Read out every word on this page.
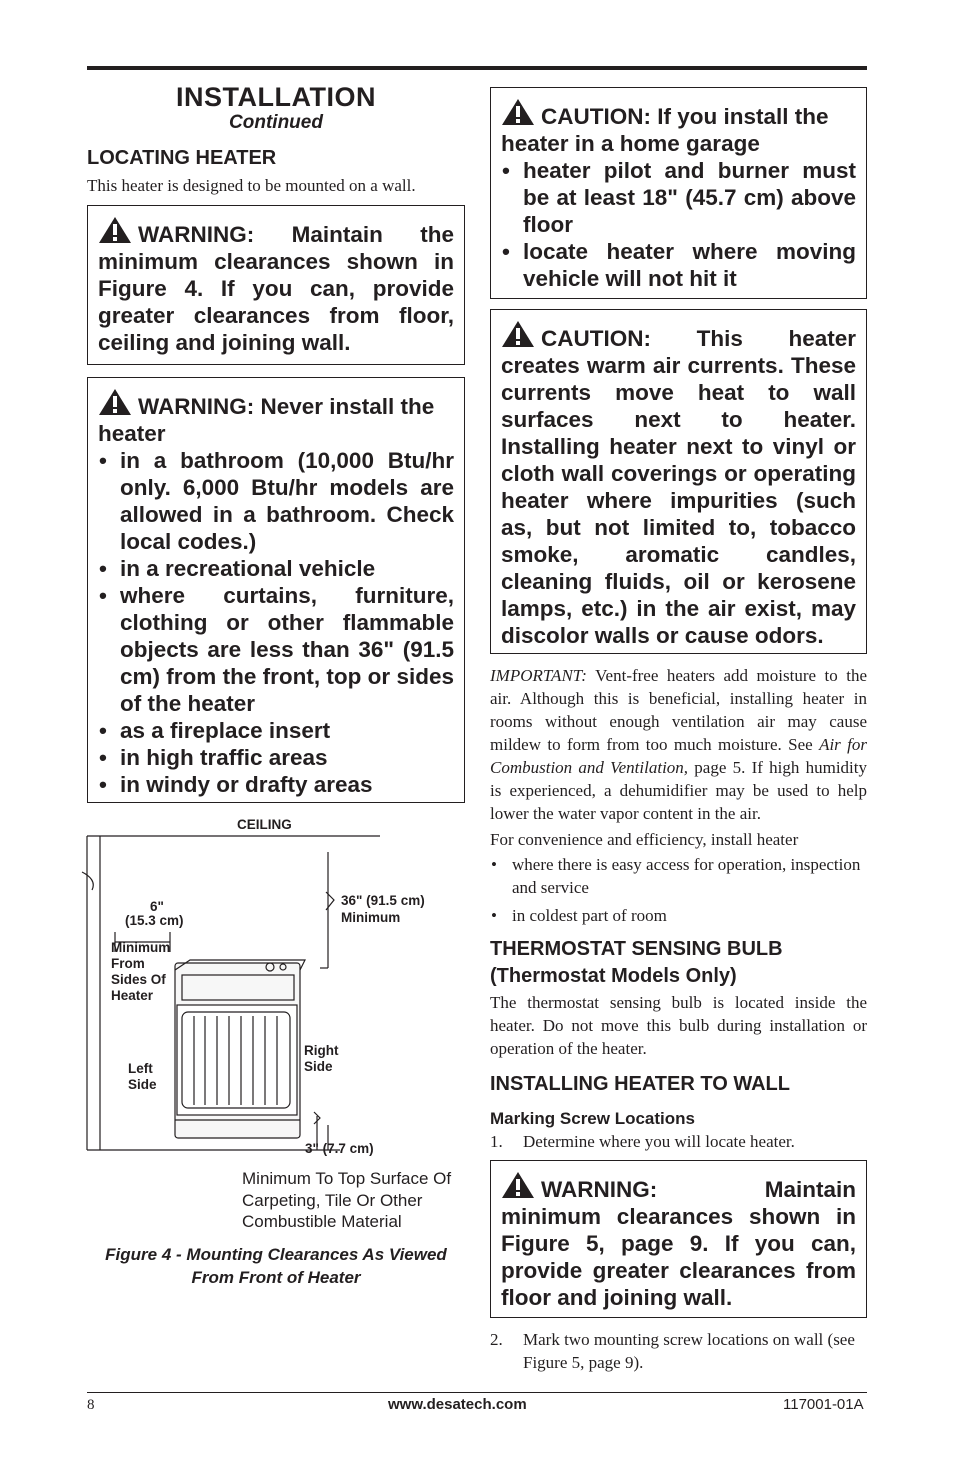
INSTALLATION
Continued
LOCATING HEATER
This heater is designed to be mounted on a wall.
WARNING: Maintain the minimum clearances shown in Figure 4. If you can, provide greater clearances from floor, ceiling and joining wall.
WARNING: Never install the heater
• in a bathroom (10,000 Btu/hr only. 6,000 Btu/hr models are allowed in a bathroom. Check local codes.)
• in a recreational vehicle
• where curtains, furniture, clothing or other flammable objects are less than 36" (91.5 cm) from the front, top or sides of the heater
• as a fireplace insert
• in high traffic areas
• in windy or drafty areas
CEILING
36" (91.5 cm)
Minimum
6"
(15.3 cm)
Minimum From Sides Of Heater
Left Side
Right Side
3" (7.7 cm)
Minimum To Top Surface Of Carpeting, Tile Or Other Combustible Material
Figure 4 - Mounting Clearances As Viewed From Front of Heater
CAUTION: If you install the heater in a home garage
• heater pilot and burner must be at least 18" (45.7 cm) above floor
• locate heater where moving vehicle will not hit it
CAUTION: This heater creates warm air currents. These currents move heat to wall surfaces next to heater. Installing heater next to vinyl or cloth wall coverings or operating heater where impurities (such as, but not limited to, tobacco smoke, aromatic candles, cleaning fluids, oil or kerosene lamps, etc.) in the air exist, may discolor walls or cause odors.

IMPORTANT: Vent-free heaters add moisture to the air. Although this is beneficial, installing heater in rooms without enough ventilation air may cause mildew to form from too much moisture. See Air for Combustion and Ventilation, page 5. If high humidity is experienced, a dehumidifier may be used to help lower the water vapor content in the air.

For convenience and efficiency, install heater

• where there is easy access for operation, inspection and service
• in coldest part of room
THERMOSTAT SENSING BULB
(Thermostat Models Only)

The thermostat sensing bulb is located inside the heater. Do not move this bulb during installation or operation of the heater.

INSTALLING HEATER TO WALL
Marking Screw Locations
1. Determine where you will locate heater.
WARNING: Maintain minimum clearances shown in Figure 5, page 9. If you can, provide greater clearances from floor and joining wall.
2. Mark two mounting screw locations on wall (see Figure 5, page 9).
8	www.desatech.com	117001-01A
